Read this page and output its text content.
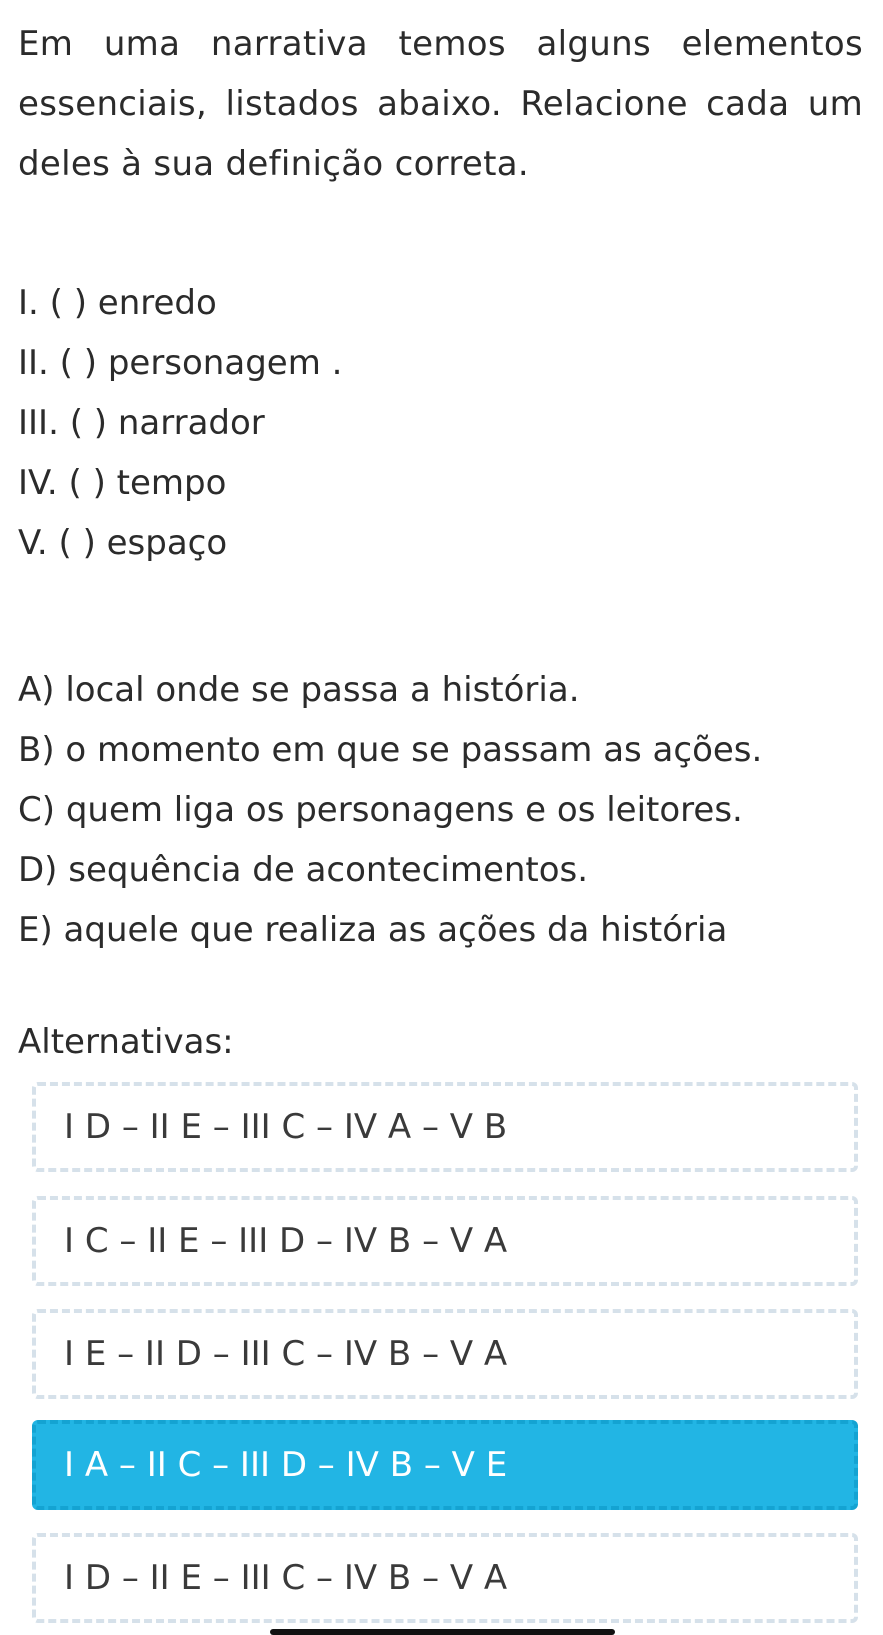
Em uma narrativa temos alguns elementos essenciais, listados abaixo. Relacione cada um deles à sua definição correta.

I. ( ) enredo
II. ( ) personagem .
III. ( ) narrador
IV. ( ) tempo
V. ( ) espaço
A) local onde se passa a história.
B) o momento em que se passam as ações.
C) quem liga os personagens e os leitores.
D) sequência de acontecimentos.
E) aquele que realiza as ações da história

Alternativas:

I D – II E – III C – IV A – V B
I C – II E – III D – IV B – V A
I E – II D – III C – IV B – V A
I A – II C – III D – IV B – V E
I D – II E – III C – IV B – V A
